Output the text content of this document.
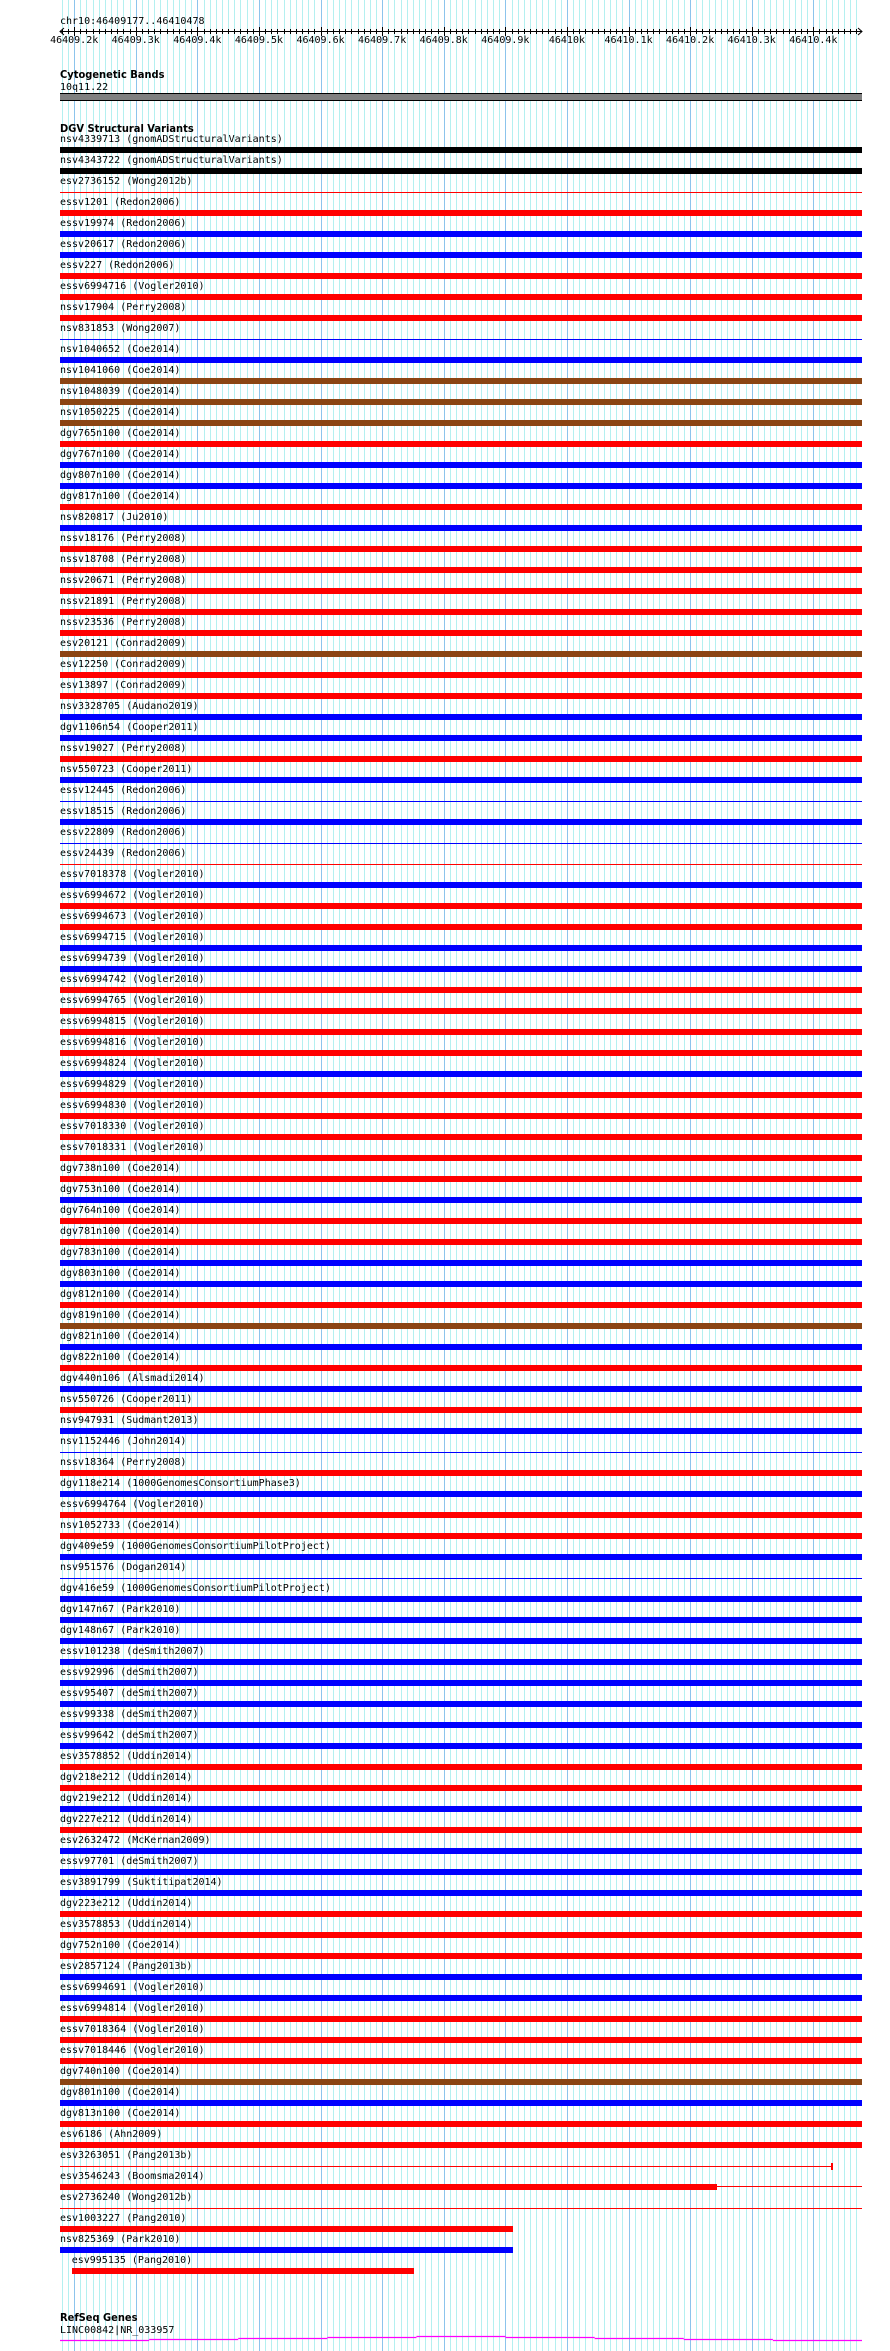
chr10:46409177..46410478
46409.2k 46409.3k 46409.4k 46409.5k 46409.6k 46409.7k 46409.8k 46409.9k 46410k 46410.1k 46410.2k 46410.3k 46410.4k
Cytogenetic Bands
10q11.22
DGV Structural Variants
nsv4339713 (gnomADStructuralVariants)
nsv4343722 (gnomADStructuralVariants)
esv2736152 (Wong2012b)
essv1201 (Redon2006)
essv19974 (Redon2006)
essv20617 (Redon2006)
essv227 (Redon2006)
essv6994716 (Vogler2010)
nssv17904 (Perry2008)
nsv831853 (Wong2007)
nsv1040652 (Coe2014)
nsv1041060 (Coe2014)
nsv1048039 (Coe2014)
nsv1050225 (Coe2014)
dgv765n100 (Coe2014)
dgv767n100 (Coe2014)
dgv807n100 (Coe2014)
dgv817n100 (Coe2014)
nsv820817 (Ju2010)
nssv18176 (Perry2008)
nssv18708 (Perry2008)
nssv20671 (Perry2008)
nssv21891 (Perry2008)
nssv23536 (Perry2008)
esv20121 (Conrad2009)
esv12250 (Conrad2009)
esv13897 (Conrad2009)
nsv3328705 (Audano2019)
dgv1106n54 (Cooper2011)
nssv19027 (Perry2008)
nsv550723 (Cooper2011)
essv12445 (Redon2006)
essv18515 (Redon2006)
essv22809 (Redon2006)
essv24439 (Redon2006)
essv7018378 (Vogler2010)
essv6994672 (Vogler2010)
essv6994673 (Vogler2010)
essv6994715 (Vogler2010)
essv6994739 (Vogler2010)
essv6994742 (Vogler2010)
essv6994765 (Vogler2010)
essv6994815 (Vogler2010)
essv6994816 (Vogler2010)
essv6994824 (Vogler2010)
essv6994829 (Vogler2010)
essv6994830 (Vogler2010)
essv7018330 (Vogler2010)
essv7018331 (Vogler2010)
dgv738n100 (Coe2014)
dgv753n100 (Coe2014)
dgv764n100 (Coe2014)
dgv781n100 (Coe2014)
dgv783n100 (Coe2014)
dgv803n100 (Coe2014)
dgv812n100 (Coe2014)
dgv819n100 (Coe2014)
dgv821n100 (Coe2014)
dgv822n100 (Coe2014)
dgv440n106 (Alsmadi2014)
nsv550726 (Cooper2011)
nsv947931 (Sudmant2013)
nsv1152446 (John2014)
nssv18364 (Perry2008)
dgv118e214 (1000GenomesConsortiumPhase3)
essv6994764 (Vogler2010)
nsv1052733 (Coe2014)
dgv409e59 (1000GenomesConsortiumPilotProject)
nsv951576 (Dogan2014)
dgv416e59 (1000GenomesConsortiumPilotProject)
dgv147n67 (Park2010)
dgv148n67 (Park2010)
essv101238 (deSmith2007)
essv92996 (deSmith2007)
essv95407 (deSmith2007)
essv99338 (deSmith2007)
essv99642 (deSmith2007)
esv3578852 (Uddin2014)
dgv218e212 (Uddin2014)
dgv219e212 (Uddin2014)
dgv227e212 (Uddin2014)
esv2632472 (McKernan2009)
essv97701 (deSmith2007)
esv3891799 (Suktitipat2014)
dgv223e212 (Uddin2014)
esv3578853 (Uddin2014)
dgv752n100 (Coe2014)
esv2857124 (Pang2013b)
essv6994691 (Vogler2010)
essv6994814 (Vogler2010)
essv7018364 (Vogler2010)
essv7018446 (Vogler2010)
dgv740n100 (Coe2014)
dgv801n100 (Coe2014)
dgv813n100 (Coe2014)
esv6186 (Ahn2009)
esv3263051 (Pang2013b)
esv3546243 (Boomsma2014)
esv2736240 (Wong2012b)
esv1003227 (Pang2010)
nsv825369 (Park2010)
esv995135 (Pang2010)
RefSeq Genes
LINC00842|NR_033957
